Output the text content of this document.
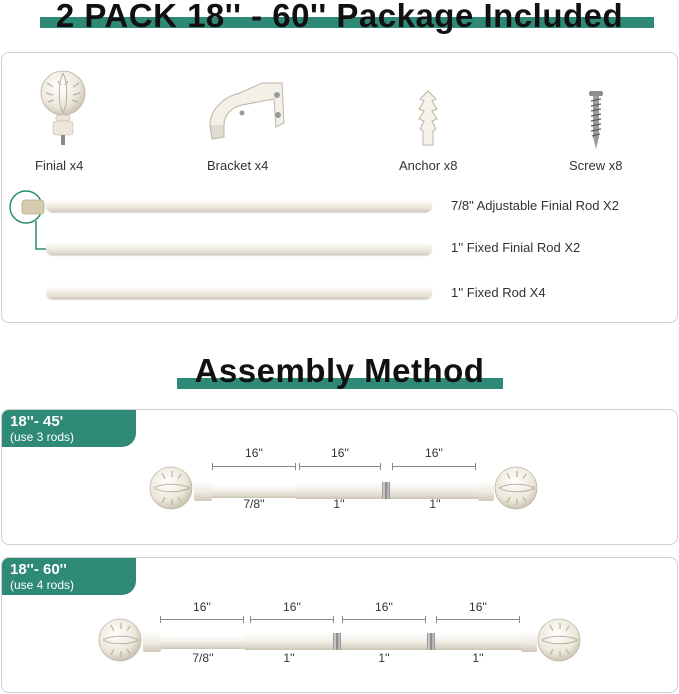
2 PACK 18'' - 60'' Package Included
Finial x4	Bracket x4	Anchor x8	Screw x8
7/8" Adjustable Finial Rod X2
1'' Fixed Finial Rod X2
1'' Fixed Rod X4
Assembly Method
18''- 45'
(use 3 rods)
16''	16''	16''
7/8''	1''	1''
18''- 60''
(use 4 rods)
16''	16''	16''	16''
7/8''	1''	1''	1''
